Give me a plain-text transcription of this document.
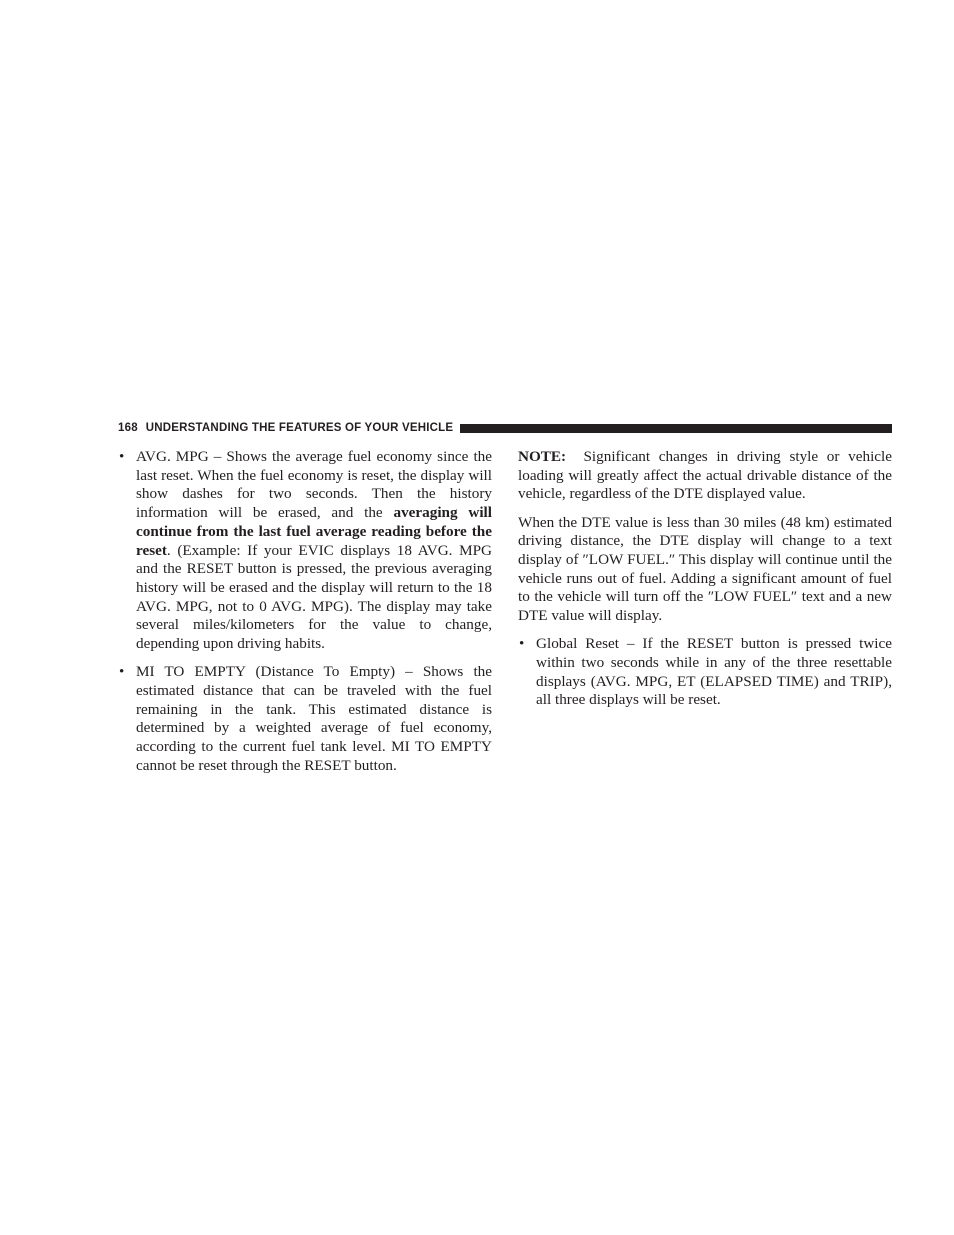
168 UNDERSTANDING THE FEATURES OF YOUR VEHICLE
• AVG. MPG – Shows the average fuel economy since the last reset. When the fuel economy is reset, the display will show dashes for two seconds. Then the history information will be erased, and the averaging will continue from the last fuel average reading before the reset. (Example: If your EVIC displays 18 AVG. MPG and the RESET button is pressed, the previous averaging history will be erased and the display will return to the 18 AVG. MPG, not to 0 AVG. MPG). The display may take several miles/kilometers for the value to change, depending upon driving habits.
• MI TO EMPTY (Distance To Empty) – Shows the estimated distance that can be traveled with the fuel remaining in the tank. This estimated distance is determined by a weighted average of fuel economy, according to the current fuel tank level. MI TO EMPTY cannot be reset through the RESET button.
NOTE:  Significant changes in driving style or vehicle loading will greatly affect the actual drivable distance of the vehicle, regardless of the DTE displayed value.
When the DTE value is less than 30 miles (48 km) estimated driving distance, the DTE display will change to a text display of ″LOW FUEL.″ This display will continue until the vehicle runs out of fuel. Adding a significant amount of fuel to the vehicle will turn off the ″LOW FUEL″ text and a new DTE value will display.
• Global Reset – If the RESET button is pressed twice within two seconds while in any of the three resettable displays (AVG. MPG, ET (ELAPSED TIME) and TRIP), all three displays will be reset.
